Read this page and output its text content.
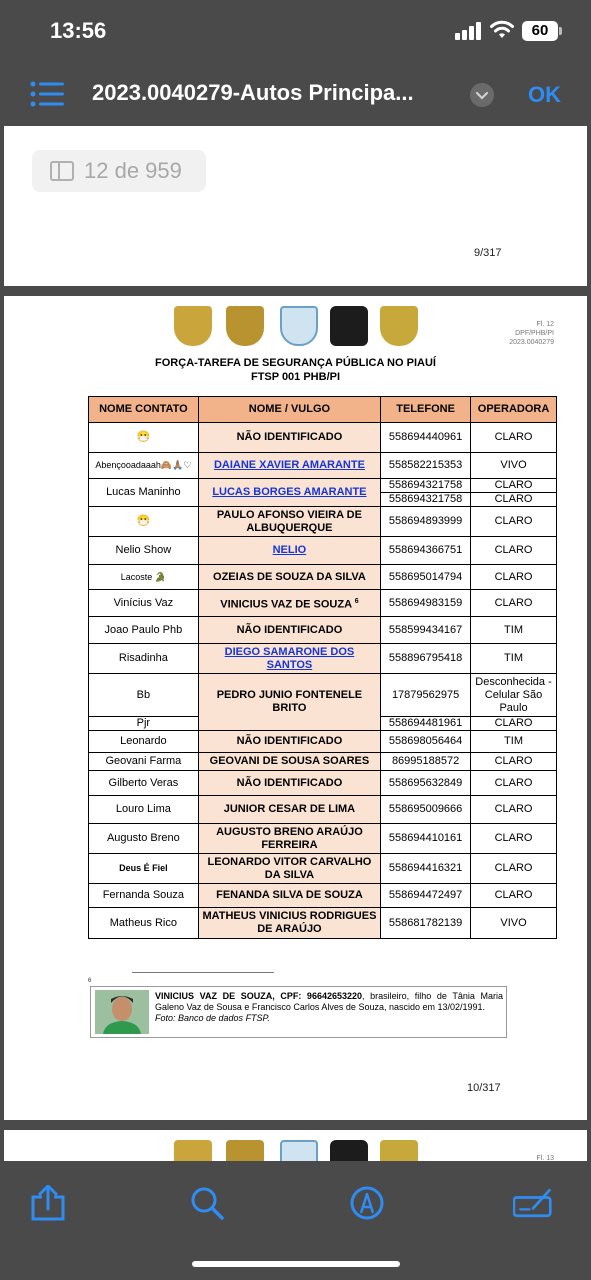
13:56	60
2023.0040279-Autos Principa...	OK
12 de 959
9/317
Fl. 12
DPF/PHB/PI
2023.0040279
FORÇA-TAREFA DE SEGURANÇA PÚBLICA NO PIAUÍ
FTSP 001 PHB/PI
NOME CONTATO	NOME / VULGO	TELEFONE	OPERADORA
😷	NÃO IDENTIFICADO	558694440961	CLARO
Abençooadaaah🙈🙏🏽♡	DAIANE XAVIER AMARANTE	558582215353	VIVO
Lucas Maninho	LUCAS BORGES AMARANTE	558694321758	CLARO
		558694321758	CLARO
😷	PAULO AFONSO VIEIRA DE ALBUQUERQUE	558694893999	CLARO
Nelio Show	NELIO	558694366751	CLARO
Lacoste 🐊	OZEIAS DE SOUZA DA SILVA	558695014794	CLARO
Vinícius Vaz	VINICIUS VAZ DE SOUZA $^6$	558694983159	CLARO
Joao Paulo Phb	NÃO IDENTIFICADO	558599434167	TIM
Risadinha	DIEGO SAMARONE DOS SANTOS	558896795418	TIM
Bb	PEDRO JUNIO FONTENELE BRITO	17879562975	Desconhecida - Celular São Paulo
Pjr		558694481961	CLARO
Leonardo	NÃO IDENTIFICADO	558698056464	TIM
Geovani Farma	GEOVANI DE SOUSA SOARES	86995188572	CLARO
Gilberto Veras	NÃO IDENTIFICADO	558695632849	CLARO
Louro Lima	JUNIOR CESAR DE LIMA	558695009666	CLARO
Augusto Breno	AUGUSTO BRENO ARAÚJO FERREIRA	558694410161	CLARO
Deus É Fiel	LEONARDO VITOR CARVALHO DA SILVA	558694416321	CLARO
Fernanda Souza	FENANDA SILVA DE SOUZA	558694472497	CLARO
Matheus Rico	MATHEUS VINICIUS RODRIGUES DE ARAÚJO	558681782139	VIVO
6
VINICIUS VAZ DE SOUZA, CPF: 96642653220, brasileiro, filho de Tânia Maria Galeno Vaz de Sousa e Francisco Carlos Alves de Souza, nascido em 13/02/1991.
Foto: Banco de dados FTSP.
10/317
Fl. 13
